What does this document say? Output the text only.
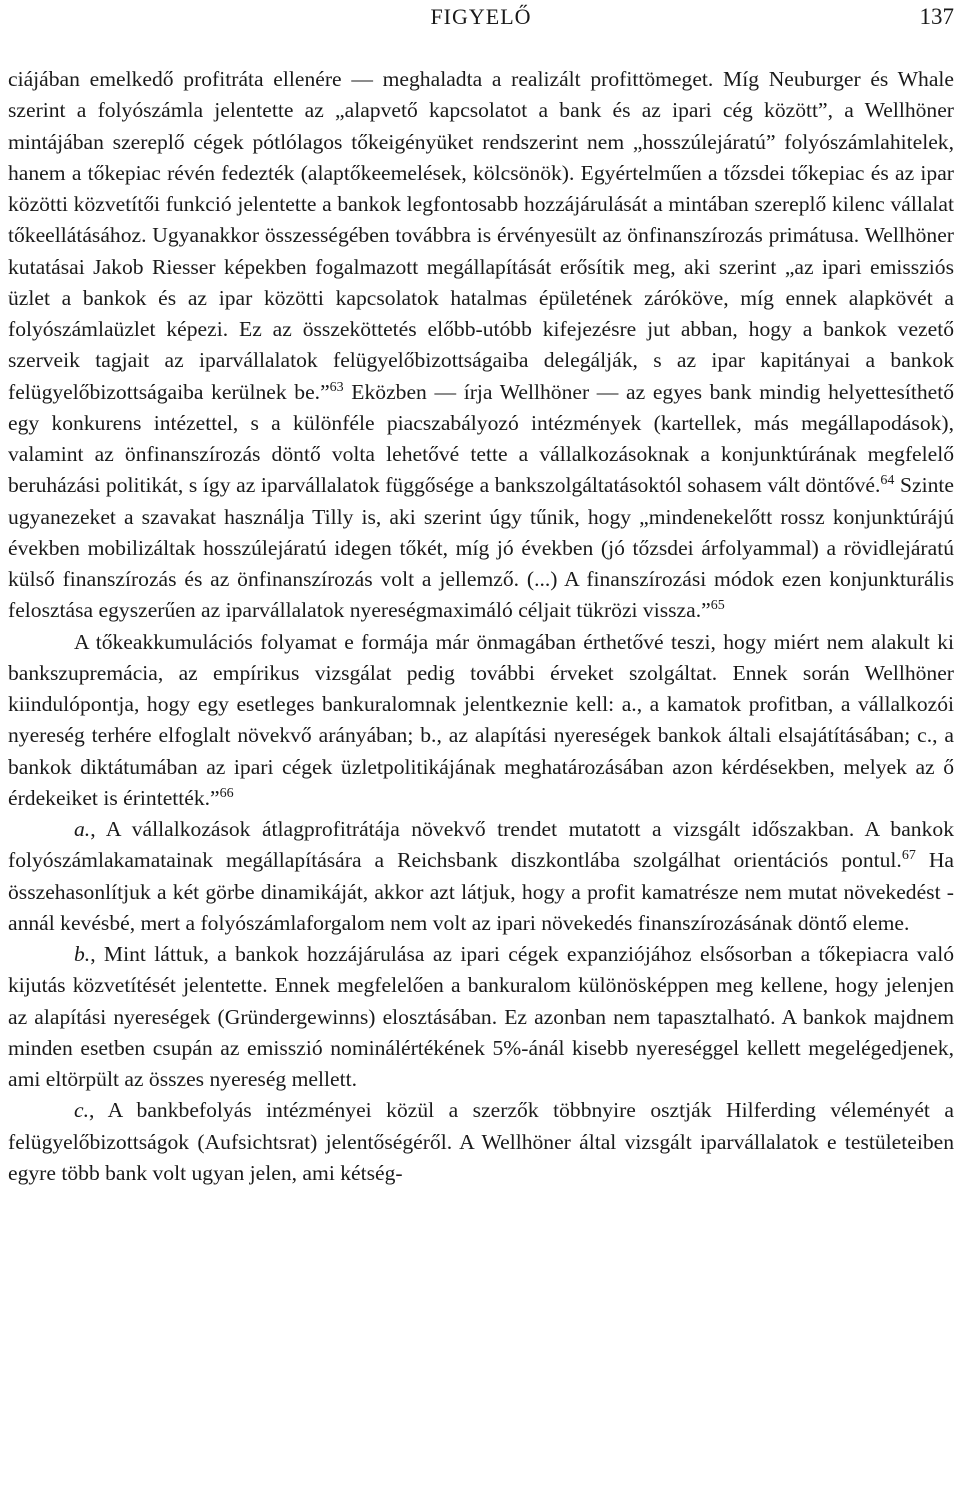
FIGYELŐ	137

ciájában emelkedő profitráta ellenére — meghaladta a realizált profittömeget. Míg Neuburger és Whale szerint a folyószámla jelentette az „alapvető kapcsolatot a bank és az ipari cég között”, a Wellhöner mintájában szereplő cégek pótlólagos tőkeigényüket rendszerint nem „hosszúlejáratú” folyószámlahitelek, hanem a tőkepiac révén fedezték (alaptőkeemelések, kölcsönök). Egyértelműen a tőzsdei tőkepiac és az ipar közötti közvetítői funkció jelentette a bankok legfontosabb hozzájárulását a mintában szereplő kilenc vállalat tőkeellátásához. Ugyanakkor összességében továbbra is érvényesült az önfinanszírozás primátusa. Wellhöner kutatásai Jakob Riesser képekben fogalmazott megállapítását erősítik meg, aki szerint „az ipari emissziós üzlet a bankok és az ipar közötti kapcsolatok hatalmas épületének záróköve, míg ennek alapkövét a folyószámlaüzlet képezi. Ez az összeköttetés előbb-utóbb kifejezésre jut abban, hogy a bankok vezető szerveik tagjait az iparvállalatok felügyelőbizottságaiba delegálják, s az ipar kapitányai a bankok felügyelőbizottságaiba kerülnek be.”$^{63}$ Eközben — írja Wellhöner — az egyes bank mindig helyettesíthető egy konkurens intézettel, s a különféle piacszabályozó intézmények (kartellek, más megállapodások), valamint az önfinanszírozás döntő volta lehetővé tette a vállalkozásoknak a konjunktúrának megfelelő beruházási politikát, s így az iparvállalatok függősége a bankszolgáltatásoktól sohasem vált döntővé.$^{64}$ Szinte ugyanezeket a szavakat használja Tilly is, aki szerint úgy tűnik, hogy „mindenekelőtt rossz konjunktúrájú években mobilizáltak hosszúlejáratú idegen tőkét, míg jó években (jó tőzsdei árfolyammal) a rövidlejáratú külső finanszírozás és az önfinanszírozás volt a jellemző. (...) A finanszírozási módok ezen konjunkturális felosztása egyszerűen az iparvállalatok nyereségmaximáló céljait tükrözi vissza.”$^{65}$

A tőkeakkumulációs folyamat e formája már önmagában érthetővé teszi, hogy miért nem alakult ki bankszupremácia, az empírikus vizsgálat pedig további érveket szolgáltat. Ennek során Wellhöner kiindulópontja, hogy egy esetleges bankuralomnak jelentkeznie kell: a., a kamatok profitban, a vállalkozói nyereség terhére elfoglalt növekvő arányában; b., az alapítási nyereségek bankok általi elsajátításában; c., a bankok diktátumában az ipari cégek üzletpolitikájának meghatározásában azon kérdésekben, melyek az ő érdekeiket is érintették.”$^{66}$

a., A vállalkozások átlagprofitrátája növekvő trendet mutatott a vizsgált időszakban. A bankok folyószámlakamatainak megállapítására a Reichsbank diszkontlába szolgálhat orientációs pontul.$^{67}$ Ha összehasonlítjuk a két görbe dinamikáját, akkor azt látjuk, hogy a profit kamatrésze nem mutat növekedést - annál kevésbé, mert a folyószámlaforgalom nem volt az ipari növekedés finanszírozásának döntő eleme.

b., Mint láttuk, a bankok hozzájárulása az ipari cégek expanziójához elsősorban a tőkepiacra való kijutás közvetítését jelentette. Ennek megfelelően a bankuralom különösképpen meg kellene, hogy jelenjen az alapítási nyereségek (Gründergewinns) elosztásában. Ez azonban nem tapasztalható. A bankok majdnem minden esetben csupán az emisszió nominálértékének 5%-ánál kisebb nyereséggel kellett megelégedjenek, ami eltörpült az összes nyereség mellett.

c., A bankbefolyás intézményei közül a szerzők többnyire osztják Hilferding véleményét a felügyelőbizottságok (Aufsichtsrat) jelentőségéről. A Wellhöner által vizsgált iparvállalatok e testületeiben egyre több bank volt ugyan jelen, ami kétség-
